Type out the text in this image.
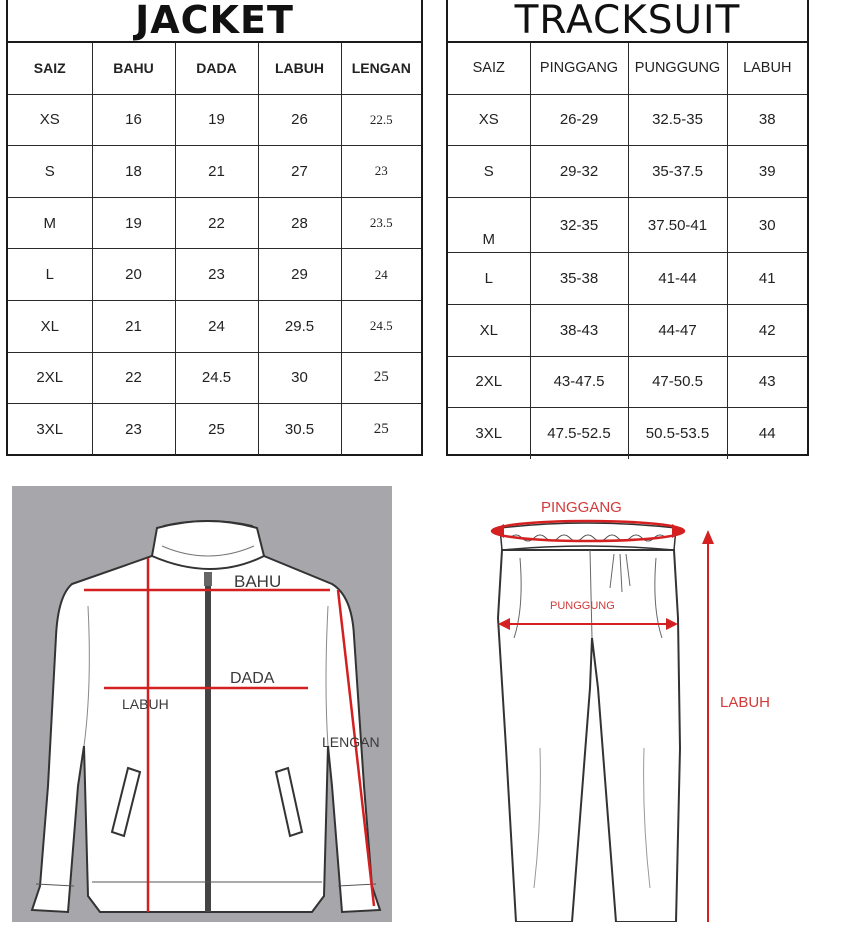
JACKET
SAIZ	BAHU	DADA	LABUH	LENGAN
XS	16	19	26	22.5
S	18	21	27	23
M	19	22	28	23.5
L	20	23	29	24
XL	21	24	29.5	24.5
2XL	22	24.5	30	25
3XL	23	25	30.5	25
TRACKSUIT
SAIZ	PINGGANG	PUNGGUNG	LABUH
XS	26-29	32.5-35	38
S	29-32	35-37.5	39
M	32-35	37.50-41	30
L	35-38	41-44	41
XL	38-43	44-47	42
2XL	43-47.5	47-50.5	43
3XL	47.5-52.5	50.5-53.5	44
BAHU
DADA
LABUH
LENGAN
PINGGANG
PUNGGUNG
LABUH
